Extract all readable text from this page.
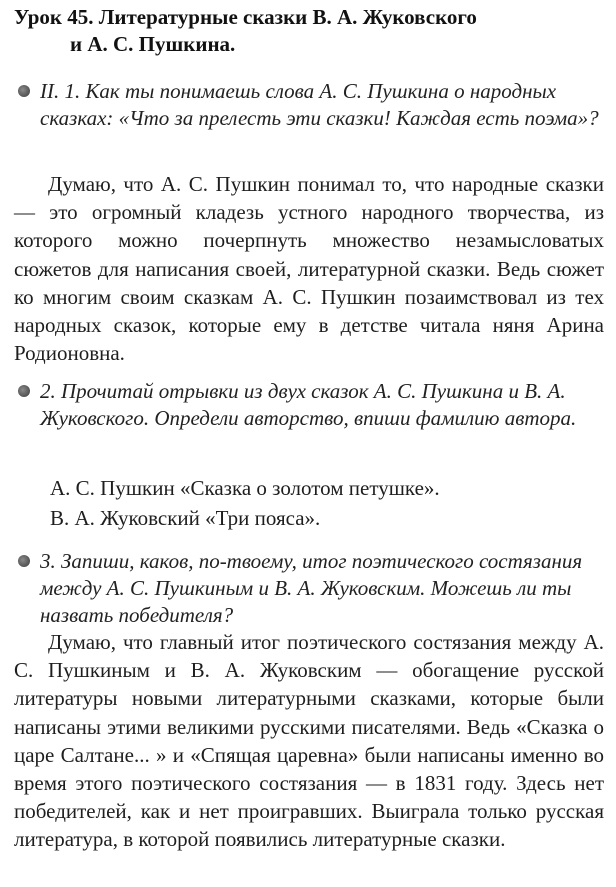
Урок 45. Литературные сказки В. А. Жуковского
и А. С. Пушкина.
II. 1. Как ты понимаешь слова А. С. Пушкина о народных сказках: «Что за прелесть эти сказки! Каждая есть поэма»?
Думаю, что А. С. Пушкин понимал то, что народные сказки — это огромный кладезь устного народного творчества, из которого можно почерпнуть множество незамысловатых сюжетов для написания своей, литературной сказки. Ведь сюжет ко многим своим сказкам А. С. Пушкин позаимствовал из тех народных сказок, которые ему в детстве читала няня Арина Родионовна.
2. Прочитай отрывки из двух сказок А. С. Пушкина и В. А. Жуковского. Определи авторство, впиши фамилию автора.
А. С. Пушкин «Сказка о золотом петушке».
В. А. Жуковский «Три пояса».
3. Запиши, каков, по-твоему, итог поэтического состязания между А. С. Пушкиным и В. А. Жуковским. Можешь ли ты назвать победителя?
Думаю, что главный итог поэтического состязания между А. С. Пушкиным и В. А. Жуковским — обогащение русской литературы новыми литературными сказками, которые были написаны этими великими русскими писателями. Ведь «Сказка о царе Салтане... » и «Спящая царевна» были написаны именно во время этого поэтического состязания — в 1831 году. Здесь нет победителей, как и нет проигравших. Выиграла только русская литература, в которой появились литературные сказки.
